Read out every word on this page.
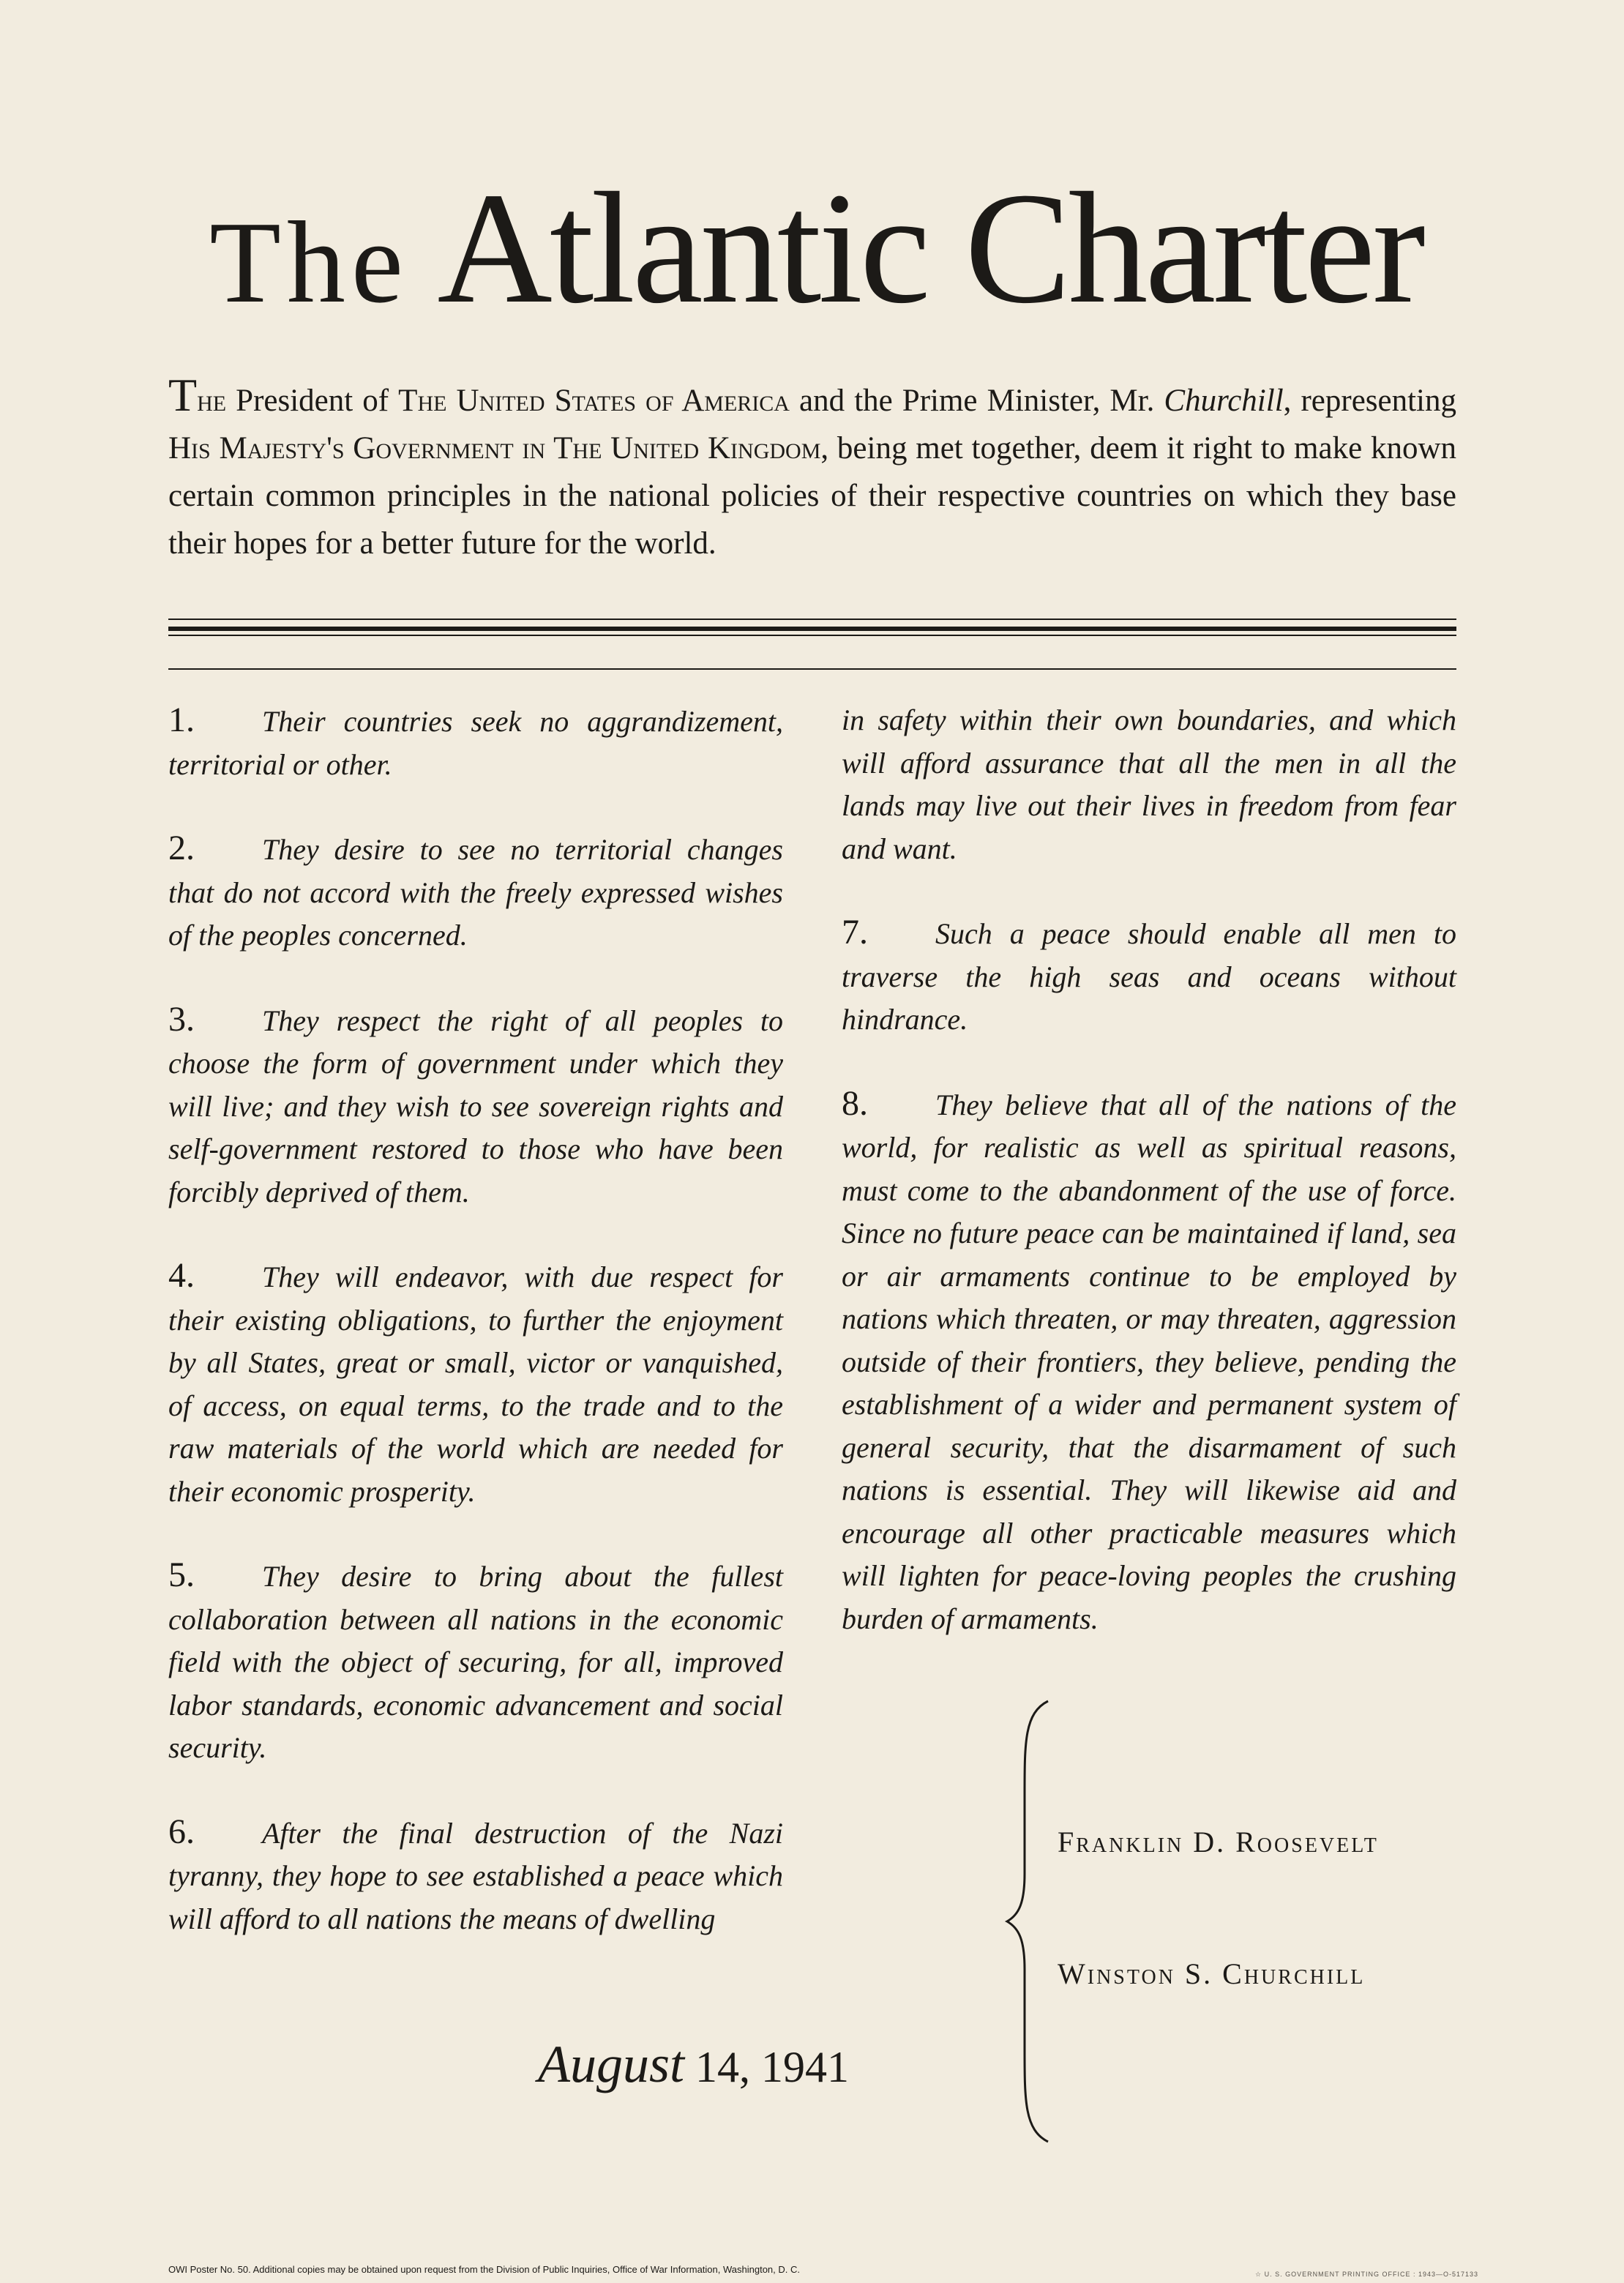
The Atlantic Charter
The President of The United States of America and the Prime Minister, Mr. Churchill, representing His Majesty's Government in The United Kingdom, being met together, deem it right to make known certain common principles in the national policies of their respective countries on which they base their hopes for a better future for the world.

1. Their countries seek no aggrandizement, territorial or other.

2. They desire to see no territorial changes that do not accord with the freely expressed wishes of the peoples concerned.

3. They respect the right of all peoples to choose the form of government under which they will live; and they wish to see sovereign rights and self-government restored to those who have been forcibly deprived of them.

4. They will endeavor, with due respect for their existing obligations, to further the enjoyment by all States, great or small, victor or vanquished, of access, on equal terms, to the trade and to the raw materials of the world which are needed for their economic prosperity.

5. They desire to bring about the fullest collaboration between all nations in the economic field with the object of securing, for all, improved labor standards, economic advancement and social security.

6. After the final destruction of the Nazi tyranny, they hope to see established a peace which will afford to all nations the means of dwelling

in safety within their own boundaries, and which will afford assurance that all the men in all the lands may live out their lives in freedom from fear and want.

7. Such a peace should enable all men to traverse the high seas and oceans without hindrance.

8. They believe that all of the nations of the world, for realistic as well as spiritual reasons, must come to the abandonment of the use of force. Since no future peace can be maintained if land, sea or air armaments continue to be employed by nations which threaten, or may threaten, aggression outside of their frontiers, they believe, pending the establishment of a wider and permanent system of general security, that the disarmament of such nations is essential. They will likewise aid and encourage all other practicable measures which will lighten for peace-loving peoples the crushing burden of armaments.

August 14, 1941
Franklin D. Roosevelt
Winston S. Churchill
OWI Poster No. 50. Additional copies may be obtained upon request from the Division of Public Inquiries, Office of War Information, Washington, D. C.	☆ U. S. GOVERNMENT PRINTING OFFICE : 1943—O-517133
